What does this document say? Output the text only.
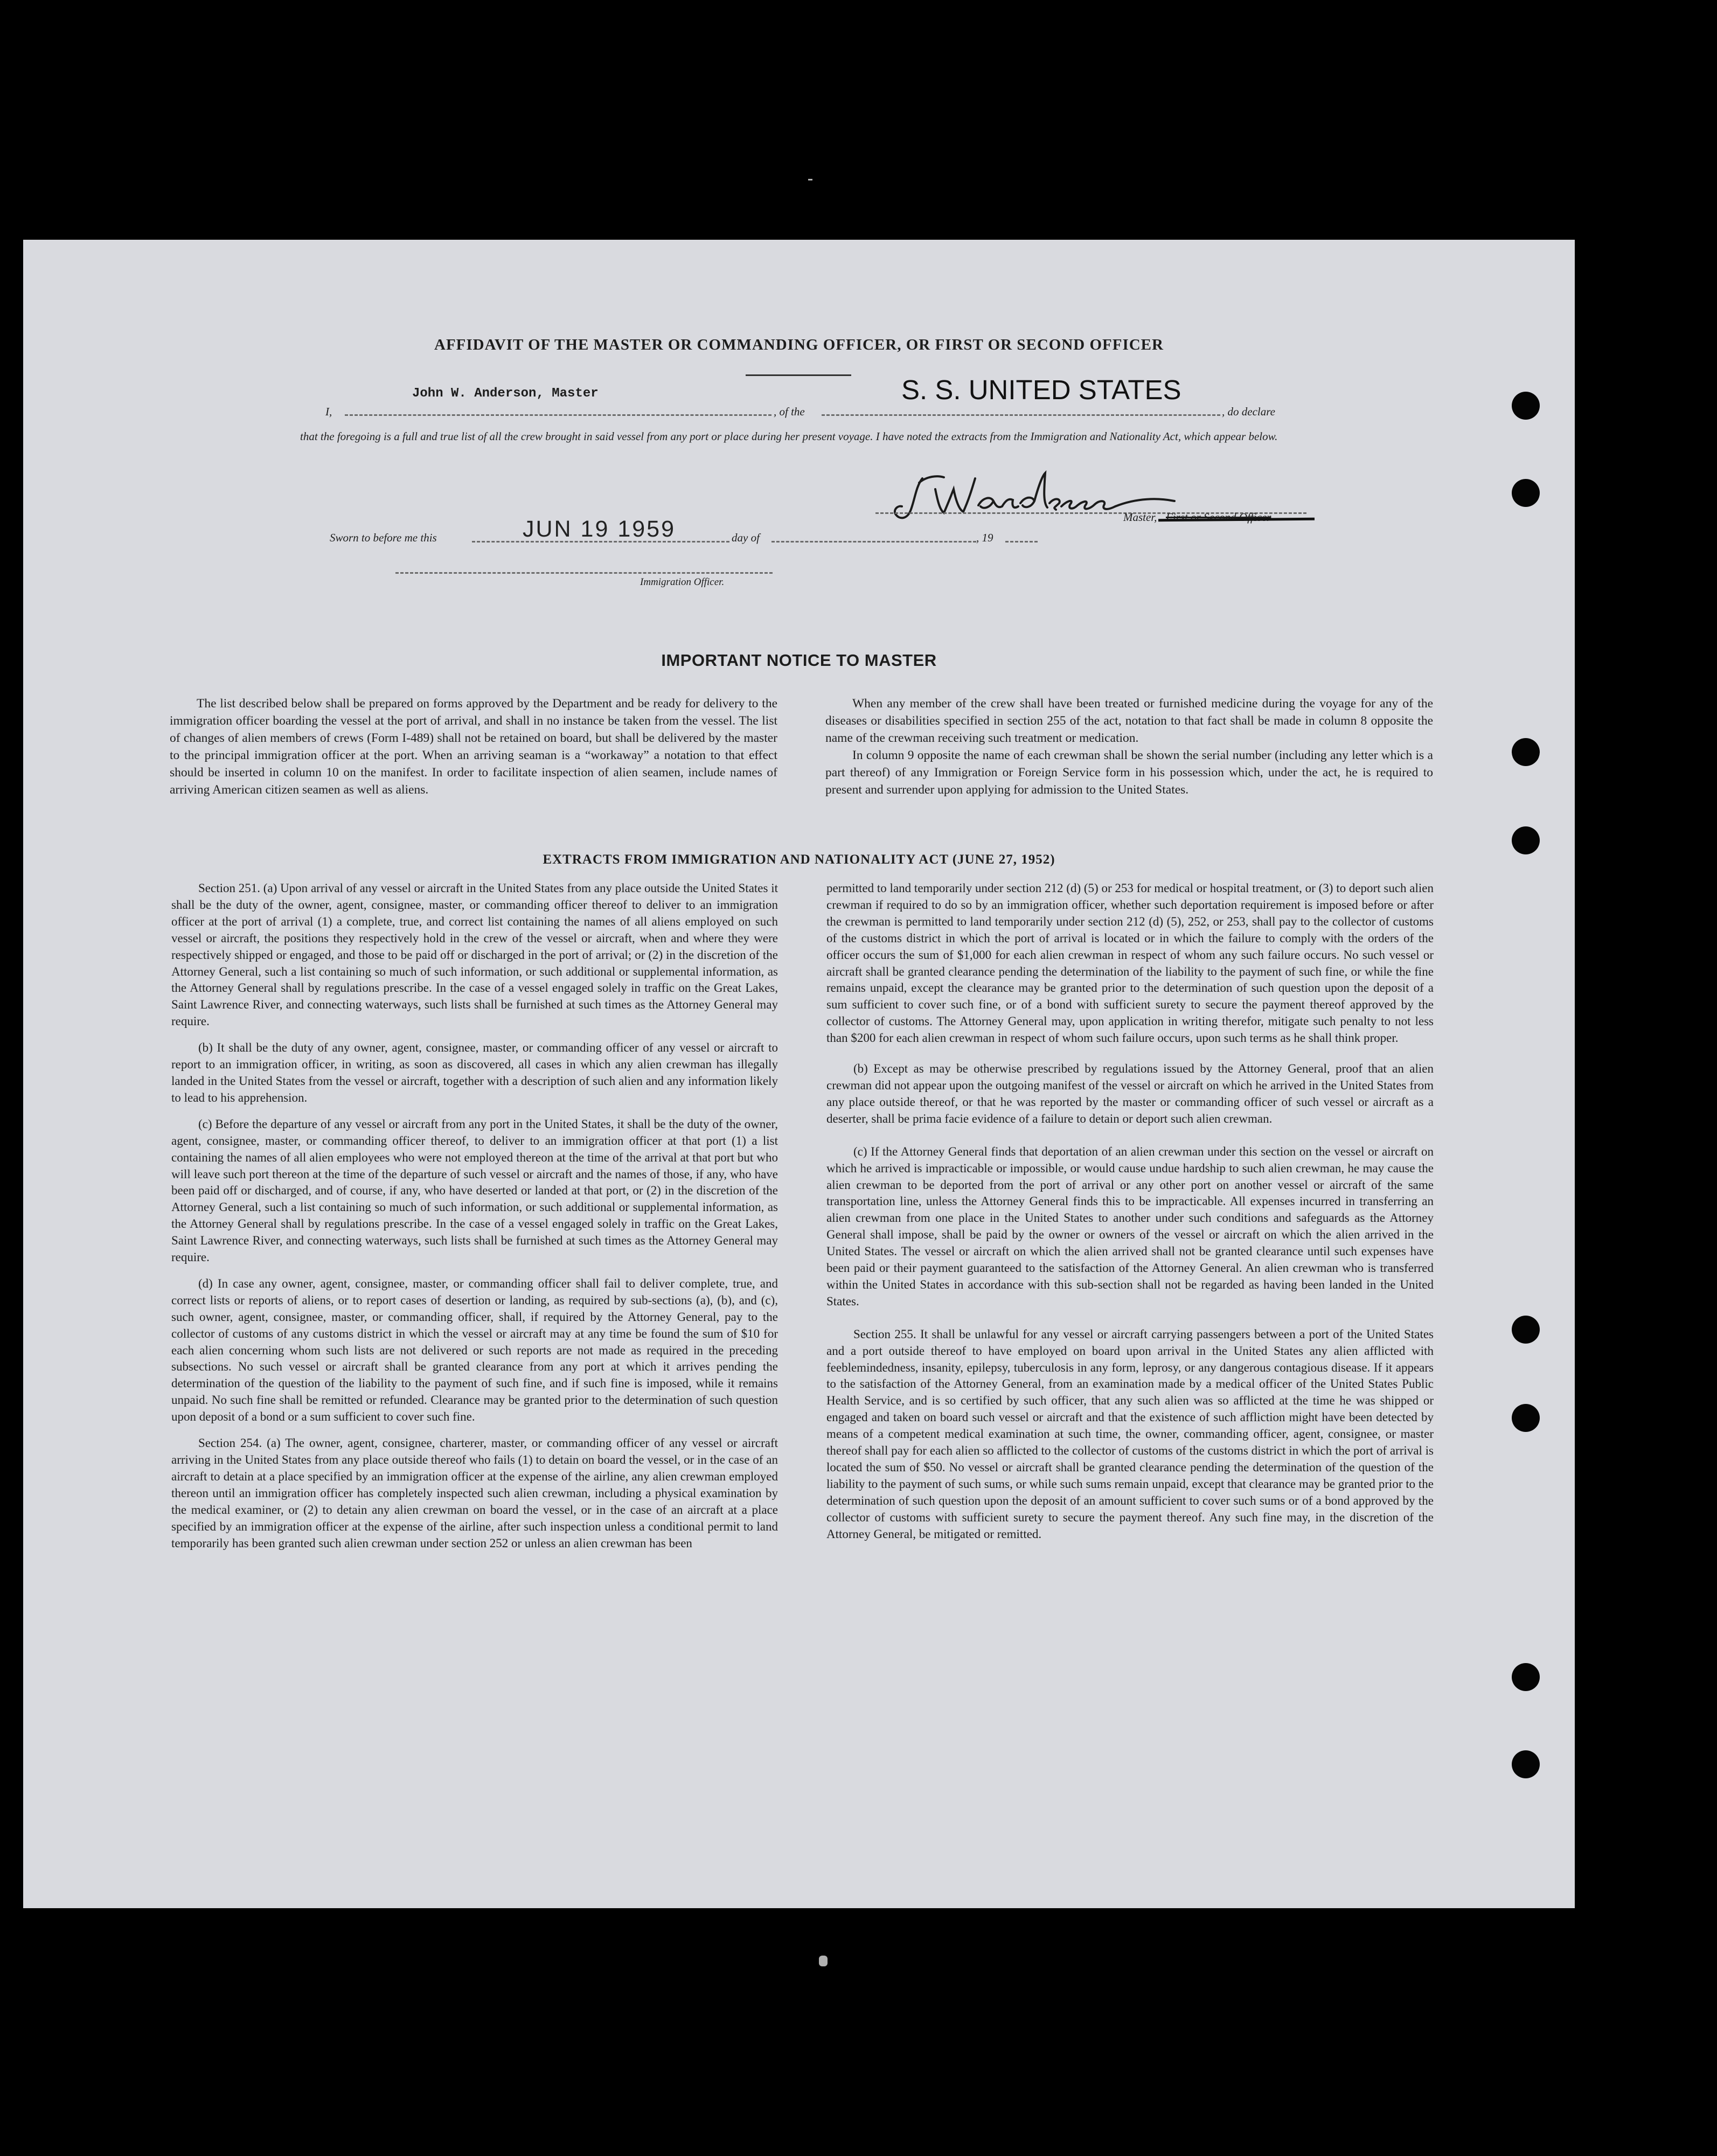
AFFIDAVIT OF THE MASTER OR COMMANDING OFFICER, OR FIRST OR SECOND OFFICER
John W. Anderson, Master	S. S. UNITED STATES
I,	, of the	, do declare
that the foregoing is a full and true list of all the crew brought in said vessel from any port or place during her present voyage. I have noted the extracts from the Immigration and Nationality Act, which appear below.
Master, First or Second Officer
Sworn to before me this	JUN 19 1959	day of	, 19
Immigration Officer.
IMPORTANT NOTICE TO MASTER

The list described below shall be prepared on forms approved by the Department and be ready for delivery to the immigration officer boarding the vessel at the port of arrival, and shall in no instance be taken from the vessel. The list of changes of alien members of crews (Form I-489) shall not be retained on board, but shall be delivered by the master to the principal immigration officer at the port. When an arriving seaman is a “workaway” a notation to that effect should be inserted in column 10 on the manifest. In order to facilitate inspection of alien seamen, include names of arriving American citizen seamen as well as aliens.

When any member of the crew shall have been treated or furnished medicine during the voyage for any of the diseases or disabilities specified in section 255 of the act, notation to that fact shall be made in column 8 opposite the name of the crewman receiving such treatment or medication.

In column 9 opposite the name of each crewman shall be shown the serial number (including any letter which is a part thereof) of any Immigration or Foreign Service form in his possession which, under the act, he is required to present and surrender upon applying for admission to the United States.

EXTRACTS FROM IMMIGRATION AND NATIONALITY ACT (JUNE 27, 1952)

Section 251. (a) Upon arrival of any vessel or aircraft in the United States from any place outside the United States it shall be the duty of the owner, agent, consignee, master, or commanding officer thereof to deliver to an immigration officer at the port of arrival (1) a complete, true, and correct list containing the names of all aliens employed on such vessel or aircraft, the positions they respectively hold in the crew of the vessel or aircraft, when and where they were respectively shipped or engaged, and those to be paid off or discharged in the port of arrival; or (2) in the discretion of the Attorney General, such a list containing so much of such information, or such additional or supplemental information, as the Attorney General shall by regulations prescribe. In the case of a vessel engaged solely in traffic on the Great Lakes, Saint Lawrence River, and connecting waterways, such lists shall be furnished at such times as the Attorney General may require.

(b) It shall be the duty of any owner, agent, consignee, master, or commanding officer of any vessel or aircraft to report to an immigration officer, in writing, as soon as discovered, all cases in which any alien crewman has illegally landed in the United States from the vessel or aircraft, together with a description of such alien and any information likely to lead to his apprehension.

(c) Before the departure of any vessel or aircraft from any port in the United States, it shall be the duty of the owner, agent, consignee, master, or commanding officer thereof, to deliver to an immigration officer at that port (1) a list containing the names of all alien employees who were not employed thereon at the time of the arrival at that port but who will leave such port thereon at the time of the departure of such vessel or aircraft and the names of those, if any, who have been paid off or discharged, and of course, if any, who have deserted or landed at that port, or (2) in the discretion of the Attorney General, such a list containing so much of such information, or such additional or supplemental information, as the Attorney General shall by regulations prescribe. In the case of a vessel engaged solely in traffic on the Great Lakes, Saint Lawrence River, and connecting waterways, such lists shall be furnished at such times as the Attorney General may require.

(d) In case any owner, agent, consignee, master, or commanding officer shall fail to deliver complete, true, and correct lists or reports of aliens, or to report cases of desertion or landing, as required by sub-sections (a), (b), and (c), such owner, agent, consignee, master, or commanding officer, shall, if required by the Attorney General, pay to the collector of customs of any customs district in which the vessel or aircraft may at any time be found the sum of $10 for each alien concerning whom such lists are not delivered or such reports are not made as required in the preceding subsections. No such vessel or aircraft shall be granted clearance from any port at which it arrives pending the determination of the question of the liability to the payment of such fine, and if such fine is imposed, while it remains unpaid. No such fine shall be remitted or refunded. Clearance may be granted prior to the determination of such question upon deposit of a bond or a sum sufficient to cover such fine.

Section 254. (a) The owner, agent, consignee, charterer, master, or commanding officer of any vessel or aircraft arriving in the United States from any place outside thereof who fails (1) to detain on board the vessel, or in the case of an aircraft to detain at a place specified by an immigration officer at the expense of the airline, any alien crewman employed thereon until an immigration officer has completely inspected such alien crewman, including a physical examination by the medical examiner, or (2) to detain any alien crewman on board the vessel, or in the case of an aircraft at a place specified by an immigration officer at the expense of the airline, after such inspection unless a conditional permit to land temporarily has been granted such alien crewman under section 252 or unless an alien crewman has been

permitted to land temporarily under section 212 (d) (5) or 253 for medical or hospital treatment, or (3) to deport such alien crewman if required to do so by an immigration officer, whether such deportation requirement is imposed before or after the crewman is permitted to land temporarily under section 212 (d) (5), 252, or 253, shall pay to the collector of customs of the customs district in which the port of arrival is located or in which the failure to comply with the orders of the officer occurs the sum of $1,000 for each alien crewman in respect of whom any such failure occurs. No such vessel or aircraft shall be granted clearance pending the determination of the liability to the payment of such fine, or while the fine remains unpaid, except the clearance may be granted prior to the determination of such question upon the deposit of a sum sufficient to cover such fine, or of a bond with sufficient surety to secure the payment thereof approved by the collector of customs. The Attorney General may, upon application in writing therefor, mitigate such penalty to not less than $200 for each alien crewman in respect of whom such failure occurs, upon such terms as he shall think proper.

(b) Except as may be otherwise prescribed by regulations issued by the Attorney General, proof that an alien crewman did not appear upon the outgoing manifest of the vessel or aircraft on which he arrived in the United States from any place outside thereof, or that he was reported by the master or commanding officer of such vessel or aircraft as a deserter, shall be prima facie evidence of a failure to detain or deport such alien crewman.

(c) If the Attorney General finds that deportation of an alien crewman under this section on the vessel or aircraft on which he arrived is impracticable or impossible, or would cause undue hardship to such alien crewman, he may cause the alien crewman to be deported from the port of arrival or any other port on another vessel or aircraft of the same transportation line, unless the Attorney General finds this to be impracticable. All expenses incurred in transferring an alien crewman from one place in the United States to another under such conditions and safeguards as the Attorney General shall impose, shall be paid by the owner or owners of the vessel or aircraft on which the alien arrived in the United States. The vessel or aircraft on which the alien arrived shall not be granted clearance until such expenses have been paid or their payment guaranteed to the satisfaction of the Attorney General. An alien crewman who is transferred within the United States in accordance with this sub-section shall not be regarded as having been landed in the United States.

Section 255. It shall be unlawful for any vessel or aircraft carrying passengers between a port of the United States and a port outside thereof to have employed on board upon arrival in the United States any alien afflicted with feeblemindedness, insanity, epilepsy, tuberculosis in any form, leprosy, or any dangerous contagious disease. If it appears to the satisfaction of the Attorney General, from an examination made by a medical officer of the United States Public Health Service, and is so certified by such officer, that any such alien was so afflicted at the time he was shipped or engaged and taken on board such vessel or aircraft and that the existence of such affliction might have been detected by means of a competent medical examination at such time, the owner, commanding officer, agent, consignee, or master thereof shall pay for each alien so afflicted to the collector of customs of the customs district in which the port of arrival is located the sum of $50. No vessel or aircraft shall be granted clearance pending the determination of the question of the liability to the payment of such sums, or while such sums remain unpaid, except that clearance may be granted prior to the determination of such question upon the deposit of an amount sufficient to cover such sums or of a bond approved by the collector of customs with sufficient surety to secure the payment thereof. Any such fine may, in the discretion of the Attorney General, be mitigated or remitted.
